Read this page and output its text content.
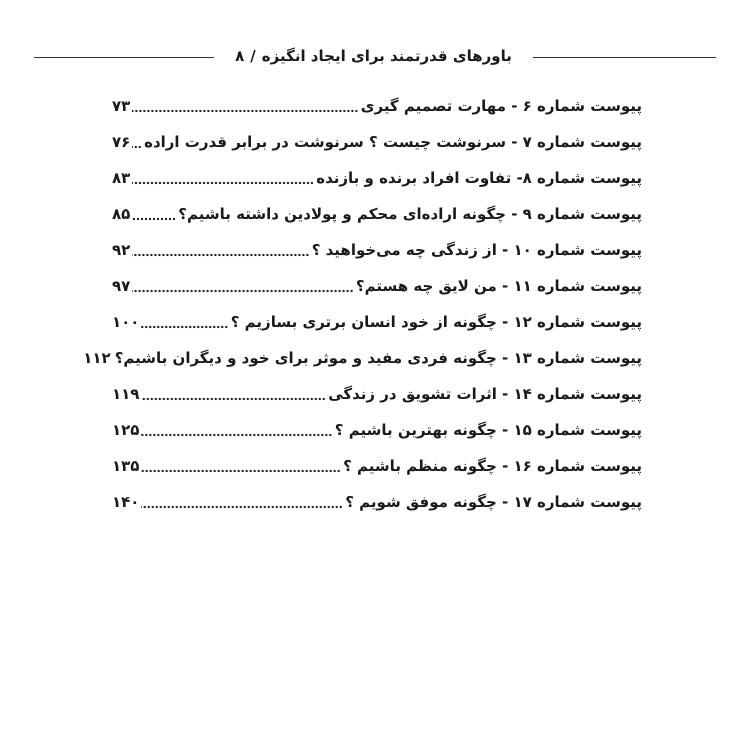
باورهای قدرتمند برای ایجاد انگیزه/۸
پیوست شماره ۶ - مهارت تصمیم گیری
۷۳
پیوست شماره ۷ - سرنوشت چیست ؟ سرنوشت در برابر قدرت اراده
۷۶
پیوست شماره ۸- تفاوت افراد برنده و بازنده
۸۳
پیوست شماره ۹ - چگونه اراده‌ای محکم و پولادین داشته باشیم؟
۸۵
پیوست شماره ۱۰ - از زندگی چه می‌خواهید ؟
۹۲
پیوست شماره ۱۱ - من لایق چه هستم؟
۹۷
پیوست شماره ۱۲ - چگونه از خود انسان برتری بسازیم ؟
۱۰۰
پیوست شماره ۱۳ - چگونه فردی مفید و موثر برای خود و دیگران باشیم؟
۱۱۲
پیوست شماره ۱۴ - اثرات تشویق در زندگی
۱۱۹
پیوست شماره ۱۵ - چگونه بهترین باشیم ؟
۱۲۵
پیوست شماره ۱۶ - چگونه منظم باشیم ؟
۱۳۵
پیوست شماره ۱۷ - چگونه موفق شویم ؟
۱۴۰
